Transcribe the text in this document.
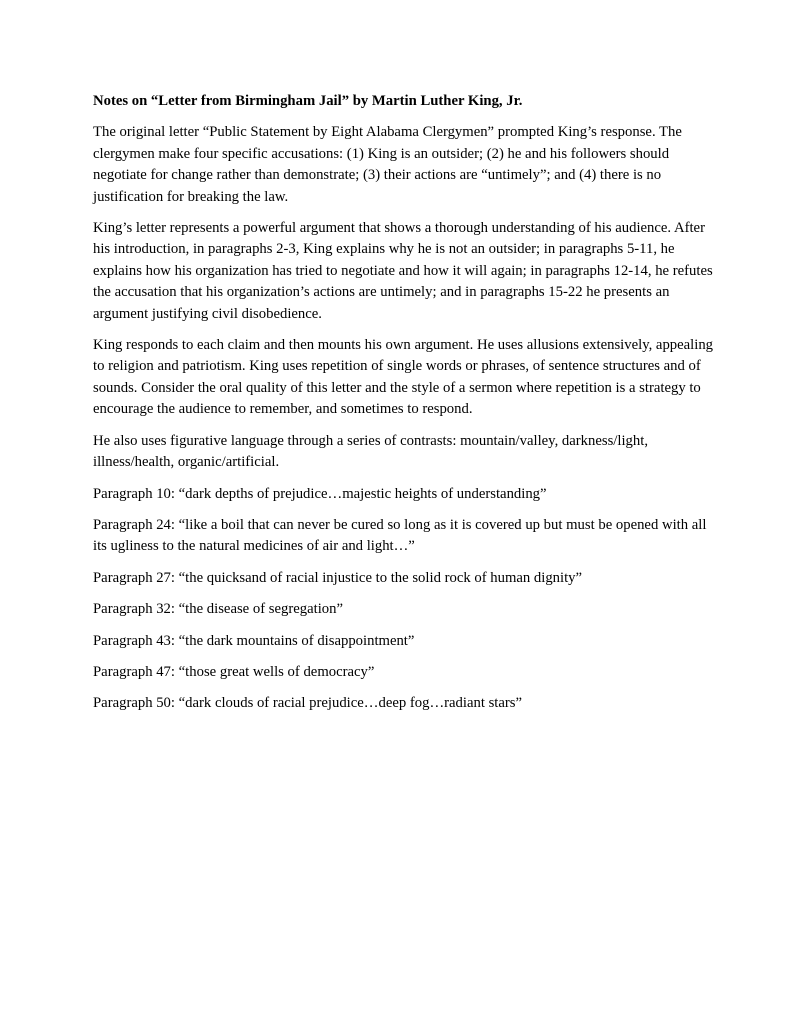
Notes on “Letter from Birmingham Jail” by Martin Luther King, Jr.

The original letter “Public Statement by Eight Alabama Clergymen” prompted King’s response. The clergymen make four specific accusations: (1) King is an outsider; (2) he and his followers should negotiate for change rather than demonstrate; (3) their actions are “untimely”; and (4) there is no justification for breaking the law.

King’s letter represents a powerful argument that shows a thorough understanding of his audience. After his introduction, in paragraphs 2-3, King explains why he is not an outsider; in paragraphs 5-11, he explains how his organization has tried to negotiate and how it will again; in paragraphs 12-14, he refutes the accusation that his organization’s actions are untimely; and in paragraphs 15-22 he presents an argument justifying civil disobedience.

King responds to each claim and then mounts his own argument. He uses allusions extensively, appealing to religion and patriotism. King uses repetition of single words or phrases, of sentence structures and of sounds. Consider the oral quality of this letter and the style of a sermon where repetition is a strategy to encourage the audience to remember, and sometimes to respond.

He also uses figurative language through a series of contrasts: mountain/valley, darkness/light, illness/health, organic/artificial.

Paragraph 10: “dark depths of prejudice…majestic heights of understanding”

Paragraph 24: “like a boil that can never be cured so long as it is covered up but must be opened with all its ugliness to the natural medicines of air and light…”

Paragraph 27: “the quicksand of racial injustice to the solid rock of human dignity”

Paragraph 32: “the disease of segregation”

Paragraph 43: “the dark mountains of disappointment”

Paragraph 47: “those great wells of democracy”

Paragraph 50: “dark clouds of racial prejudice…deep fog…radiant stars”
